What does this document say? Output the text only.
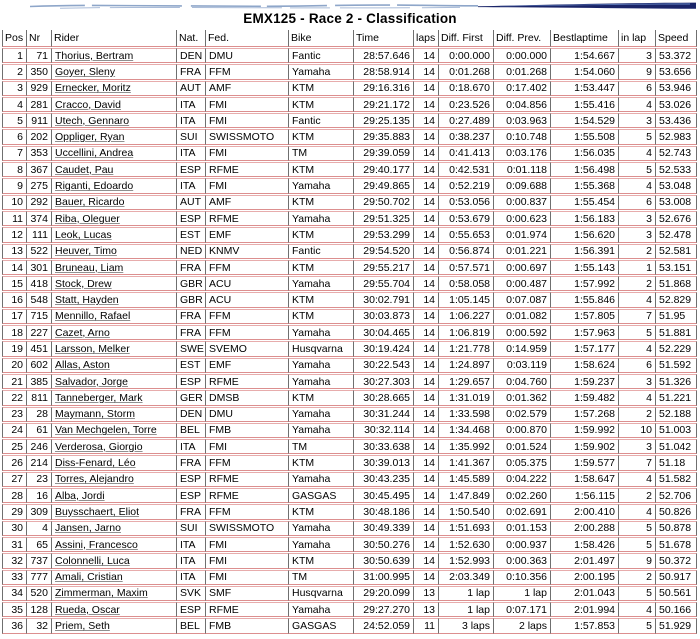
EMX125 - Race 2 - Classification
Pos	Nr	Rider	Nat.	Fed.	Bike	Time	laps	Diff. First	Diff. Prev.	Bestlaptime	in lap	Speed
1	71	Thorius, Bertram	DEN	DMU	Fantic	28:57.646	14	0:00.000	0:00.000	1:54.667	3	53.372
2	350	Goyer, Sleny	FRA	FFM	Yamaha	28:58.914	14	0:01.268	0:01.268	1:54.060	9	53.656
3	929	Ernecker, Moritz	AUT	AMF	KTM	29:16.316	14	0:18.670	0:17.402	1:53.447	6	53.946
4	281	Cracco, David	ITA	FMI	KTM	29:21.172	14	0:23.526	0:04.856	1:55.416	4	53.026
5	911	Utech, Gennaro	ITA	FMI	Fantic	29:25.135	14	0:27.489	0:03.963	1:54.529	3	53.436
6	202	Oppliger, Ryan	SUI	SWISSMOTO	KTM	29:35.883	14	0:38.237	0:10.748	1:55.508	5	52.983
7	353	Uccellini, Andrea	ITA	FMI	TM	29:39.059	14	0:41.413	0:03.176	1:56.035	4	52.743
8	367	Caudet, Pau	ESP	RFME	KTM	29:40.177	14	0:42.531	0:01.118	1:56.498	5	52.533
9	275	Riganti, Edoardo	ITA	FMI	Yamaha	29:49.865	14	0:52.219	0:09.688	1:55.368	4	53.048
10	292	Bauer, Ricardo	AUT	AMF	KTM	29:50.702	14	0:53.056	0:00.837	1:55.454	6	53.008
11	374	Riba, Oleguer	ESP	RFME	Yamaha	29:51.325	14	0:53.679	0:00.623	1:56.183	3	52.676
12	111	Leok, Lucas	EST	EMF	KTM	29:53.299	14	0:55.653	0:01.974	1:56.620	3	52.478
13	522	Heuver, Timo	NED	KNMV	Fantic	29:54.520	14	0:56.874	0:01.221	1:56.391	2	52.581
14	301	Bruneau, Liam	FRA	FFM	KTM	29:55.217	14	0:57.571	0:00.697	1:55.143	1	53.151
15	418	Stock, Drew	GBR	ACU	Yamaha	29:55.704	14	0:58.058	0:00.487	1:57.992	2	51.868
16	548	Statt, Hayden	GBR	ACU	KTM	30:02.791	14	1:05.145	0:07.087	1:55.846	4	52.829
17	715	Mennillo, Rafael	FRA	FFM	KTM	30:03.873	14	1:06.227	0:01.082	1:57.805	7	51.95
18	227	Cazet, Arno	FRA	FFM	Yamaha	30:04.465	14	1:06.819	0:00.592	1:57.963	5	51.881
19	451	Larsson, Melker	SWE	SVEMO	Husqvarna	30:19.424	14	1:21.778	0:14.959	1:57.177	4	52.229
20	602	Allas, Aston	EST	EMF	Yamaha	30:22.543	14	1:24.897	0:03.119	1:58.624	6	51.592
21	385	Salvador, Jorge	ESP	RFME	Yamaha	30:27.303	14	1:29.657	0:04.760	1:59.237	3	51.326
22	811	Tanneberger, Mark	GER	DMSB	KTM	30:28.665	14	1:31.019	0:01.362	1:59.482	4	51.221
23	28	Maymann, Storm	DEN	DMU	Yamaha	30:31.244	14	1:33.598	0:02.579	1:57.268	2	52.188
24	61	Van Mechgelen, Torre	BEL	FMB	Yamaha	30:32.114	14	1:34.468	0:00.870	1:59.992	10	51.003
25	246	Verderosa, Giorgio	ITA	FMI	TM	30:33.638	14	1:35.992	0:01.524	1:59.902	3	51.042
26	214	Diss-Fenard, Léo	FRA	FFM	KTM	30:39.013	14	1:41.367	0:05.375	1:59.577	7	51.18
27	23	Torres, Alejandro	ESP	RFME	Yamaha	30:43.235	14	1:45.589	0:04.222	1:58.647	4	51.582
28	16	Alba, Jordi	ESP	RFME	GASGAS	30:45.495	14	1:47.849	0:02.260	1:56.115	2	52.706
29	309	Buysschaert, Eliot	FRA	FFM	KTM	30:48.186	14	1:50.540	0:02.691	2:00.410	4	50.826
30	4	Jansen, Jarno	SUI	SWISSMOTO	Yamaha	30:49.339	14	1:51.693	0:01.153	2:00.288	5	50.878
31	65	Assini, Francesco	ITA	FMI	Yamaha	30:50.276	14	1:52.630	0:00.937	1:58.426	5	51.678
32	737	Colonnelli, Luca	ITA	FMI	KTM	30:50.639	14	1:52.993	0:00.363	2:01.497	9	50.372
33	777	Amali, Cristian	ITA	FMI	TM	31:00.995	14	2:03.349	0:10.356	2:00.195	2	50.917
34	520	Zimmerman, Maxim	SVK	SMF	Husqvarna	29:20.099	13	1 lap	1 lap	2:01.043	5	50.561
35	128	Rueda, Oscar	ESP	RFME	Yamaha	29:27.270	13	1 lap	0:07.171	2:01.994	4	50.166
36	32	Priem, Seth	BEL	FMB	GASGAS	24:52.059	11	3 laps	2 laps	1:57.853	5	51.929
